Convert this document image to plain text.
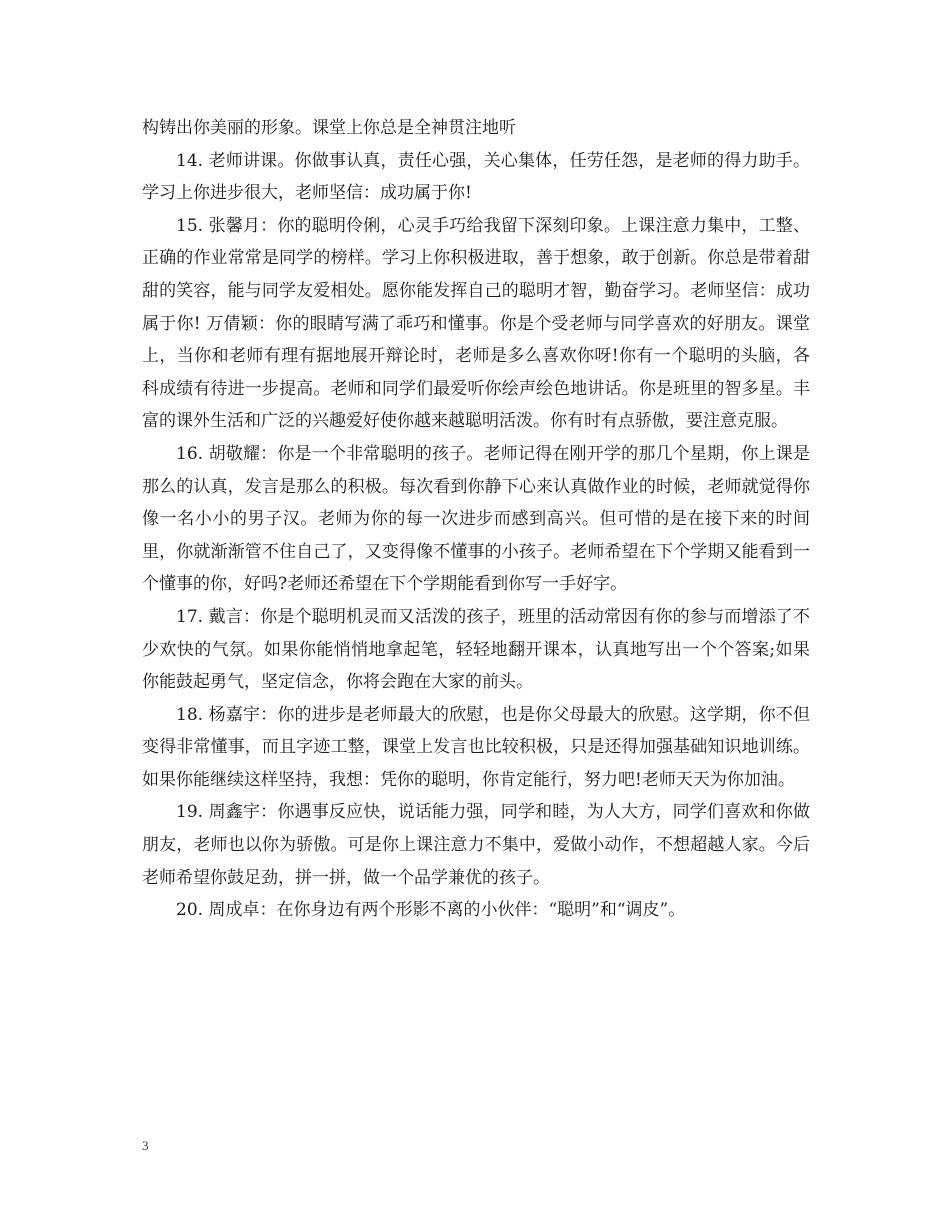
构铸出你美丽的形象。课堂上你总是全神贯注地听

14. 老师讲课。你做事认真，责任心强，关心集体，任劳任怨，是老师的得力助手。学习上你进步很大，老师坚信：成功属于你!

15. 张馨月：你的聪明伶俐，心灵手巧给我留下深刻印象。上课注意力集中，工整、正确的作业常常是同学的榜样。学习上你积极进取，善于想象，敢于创新。你总是带着甜甜的笑容，能与同学友爱相处。愿你能发挥自己的聪明才智，勤奋学习。老师坚信：成功属于你! 万倩颖：你的眼睛写满了乖巧和懂事。你是个受老师与同学喜欢的好朋友。课堂上，当你和老师有理有据地展开辩论时，老师是多么喜欢你呀!你有一个聪明的头脑，各科成绩有待进一步提高。老师和同学们最爱听你绘声绘色地讲话。你是班里的智多星。丰富的课外生活和广泛的兴趣爱好使你越来越聪明活泼。你有时有点骄傲，要注意克服。

16. 胡敬耀：你是一个非常聪明的孩子。老师记得在刚开学的那几个星期，你上课是那么的认真，发言是那么的积极。每次看到你静下心来认真做作业的时候，老师就觉得你像一名小小的男子汉。老师为你的每一次进步而感到高兴。但可惜的是在接下来的时间里，你就渐渐管不住自己了，又变得像不懂事的小孩子。老师希望在下个学期又能看到一个懂事的你，好吗?老师还希望在下个学期能看到你写一手好字。

17. 戴言：你是个聪明机灵而又活泼的孩子，班里的活动常因有你的参与而增添了不少欢快的气氛。如果你能悄悄地拿起笔，轻轻地翻开课本，认真地写出一个个答案;如果你能鼓起勇气，坚定信念，你将会跑在大家的前头。

18. 杨嘉宇：你的进步是老师最大的欣慰，也是你父母最大的欣慰。这学期，你不但变得非常懂事，而且字迹工整，课堂上发言也比较积极，只是还得加强基础知识地训练。如果你能继续这样坚持，我想：凭你的聪明，你肯定能行，努力吧!老师天天为你加油。

19. 周鑫宇：你遇事反应快，说话能力强，同学和睦，为人大方，同学们喜欢和你做朋友，老师也以你为骄傲。可是你上课注意力不集中，爱做小动作，不想超越人家。今后老师希望你鼓足劲，拼一拼，做一个品学兼优的孩子。

20. 周成卓：在你身边有两个形影不离的小伙伴：“聪明”和“调皮”。

3
